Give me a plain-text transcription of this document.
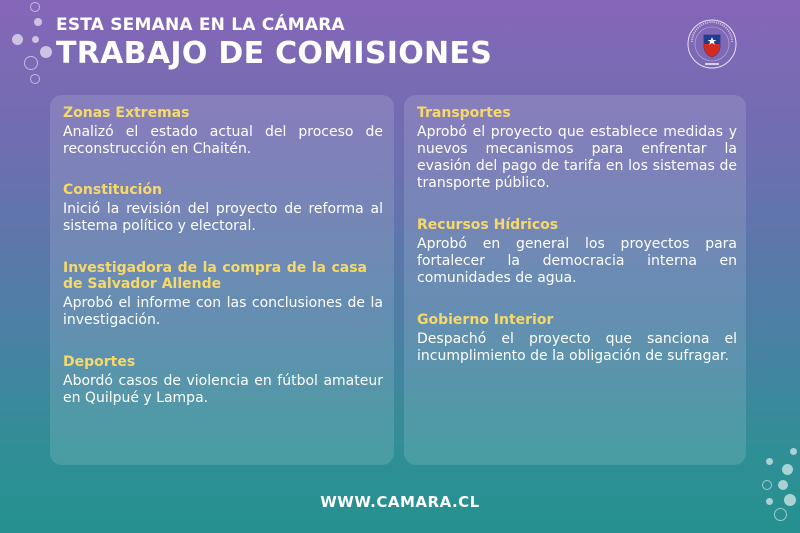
ESTA SEMANA EN LA CÁMARA
TRABAJO DE COMISIONES
Zonas Extremas
Analizó el estado actual del proceso de reconstrucción en Chaitén.
Constitución
Inició la revisión del proyecto de reforma al sistema político y electoral.
Investigadora de la compra de la casa de Salvador Allende
Aprobó el informe con las conclusiones de la investigación.
Deportes
Abordó casos de violencia en fútbol amateur en Quilpué y Lampa.
Transportes
Aprobó el proyecto que establece medidas y nuevos mecanismos para enfrentar la evasión del pago de tarifa en los sistemas de transporte público.
Recursos Hídricos
Aprobó en general los proyectos para fortalecer la democracia interna en comunidades de agua.
Gobierno Interior
Despachó el proyecto que sanciona el incumplimiento de la obligación de sufragar.
WWW.CAMARA.CL
